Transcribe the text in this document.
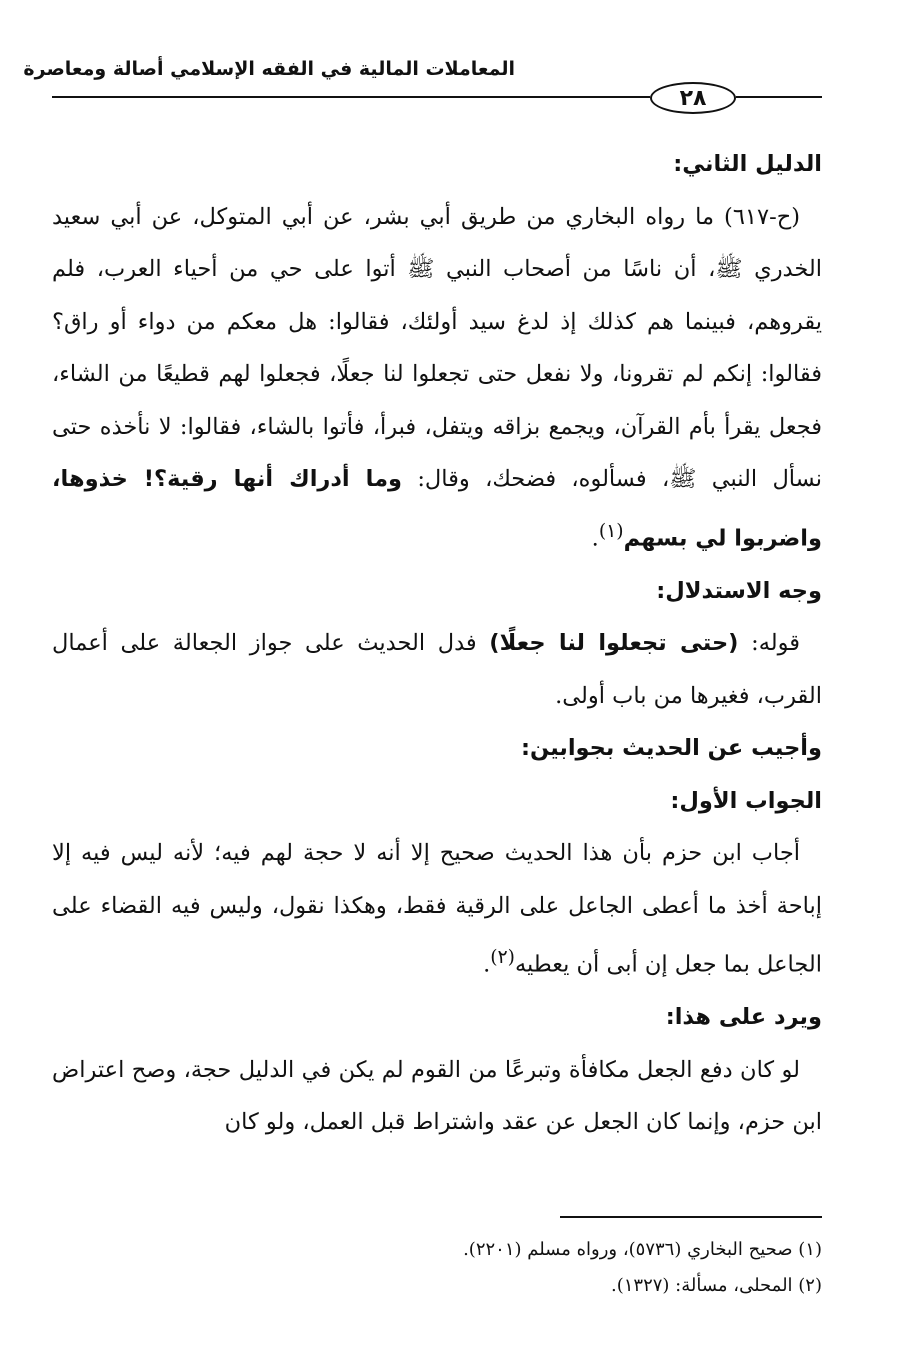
المعاملات المالية في الفقه الإسلامي أصالة ومعاصرة
٢٨

الدليل الثاني:

(ح-٦١٧) ما رواه البخاري من طريق أبي بشر، عن أبي المتوكل، عن أبي سعيد الخدري ﷺ، أن ناسًا من أصحاب النبي ﷺ أتوا على حي من أحياء العرب، فلم يقروهم، فبينما هم كذلك إذ لدغ سيد أولئك، فقالوا: هل معكم من دواء أو راق؟ فقالوا: إنكم لم تقرونا، ولا نفعل حتى تجعلوا لنا جعلًا، فجعلوا لهم قطيعًا من الشاء، فجعل يقرأ بأم القرآن، ويجمع بزاقه ويتفل، فبرأ، فأتوا بالشاء، فقالوا: لا نأخذه حتى نسأل النبي ﷺ، فسألوه، فضحك، وقال: وما أدراك أنها رقية؟! خذوها، واضربوا لي بسهم$^{(١)}$.

وجه الاستدلال:

قوله: (حتى تجعلوا لنا جعلًا) فدل الحديث على جواز الجعالة على أعمال القرب، فغيرها من باب أولى.

وأجيب عن الحديث بجوابين:

الجواب الأول:

أجاب ابن حزم بأن هذا الحديث صحيح إلا أنه لا حجة لهم فيه؛ لأنه ليس فيه إلا إباحة أخذ ما أعطى الجاعل على الرقية فقط، وهكذا نقول، وليس فيه القضاء على الجاعل بما جعل إن أبى أن يعطيه$^{(٢)}$.

ويرد على هذا:

لو كان دفع الجعل مكافأة وتبرعًا من القوم لم يكن في الدليل حجة، وصح اعتراض ابن حزم، وإنما كان الجعل عن عقد واشتراط قبل العمل، ولو كان

(١) صحيح البخاري (٥٧٣٦)، ورواه مسلم (٢٢٠١).

(٢) المحلى، مسألة: (١٣٢٧).
